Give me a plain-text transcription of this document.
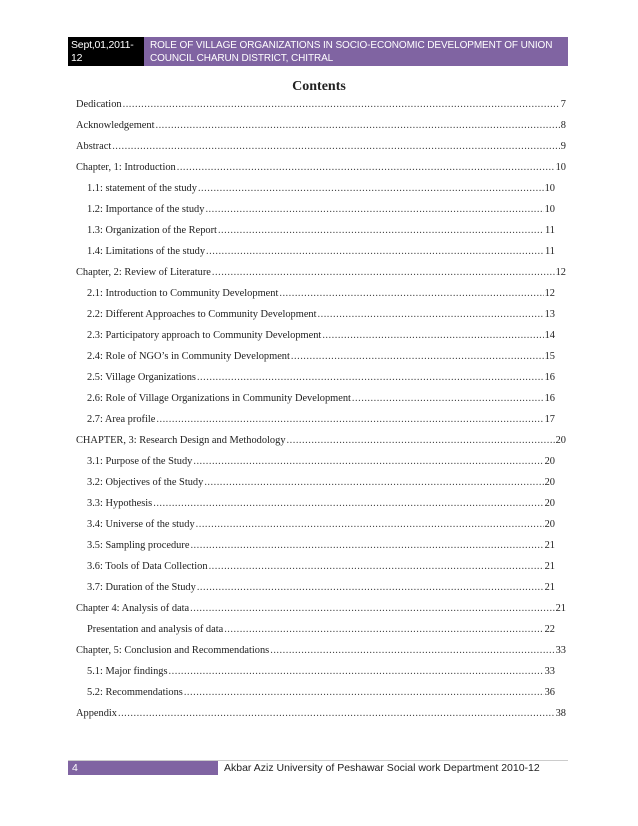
Sept,01,2011-12
ROLE OF VILLAGE ORGANIZATIONS IN SOCIO-ECONOMIC DEVELOPMENT OF UNION COUNCIL CHARUN DISTRICT, CHITRAL
Contents
Dedication .....	7
Acknowledgement .....	8
Abstract .....	9
Chapter, 1: Introduction .....	10
1.1: statement of the study .....	10
1.2: Importance of the study .....	10
1.3: Organization of the Report .....	11
1.4: Limitations of the study .....	11
Chapter, 2: Review of Literature .....	12
2.1: Introduction to Community Development .....	12
2.2: Different Approaches to Community Development .....	13
2.3: Participatory approach to Community Development .....	14
2.4: Role of NGO’s in Community Development .....	15
2.5: Village Organizations .....	16
2.6: Role of Village Organizations in Community Development .....	16
2.7: Area profile .....	17
CHAPTER, 3: Research Design and Methodology .....	20
3.1: Purpose of the Study .....	20
3.2: Objectives of the Study .....	20
3.3: Hypothesis .....	20
3.4: Universe of the study .....	20
3.5: Sampling procedure .....	21
3.6: Tools of Data Collection .....	21
3.7: Duration of the Study .....	21
Chapter 4: Analysis of data .....	21
Presentation and analysis of data .....	22
Chapter, 5: Conclusion and Recommendations .....	33
5.1: Major findings .....	33
5.2: Recommendations .....	36
Appendix .....	38
4	Akbar Aziz University of Peshawar Social work Department 2010-12
